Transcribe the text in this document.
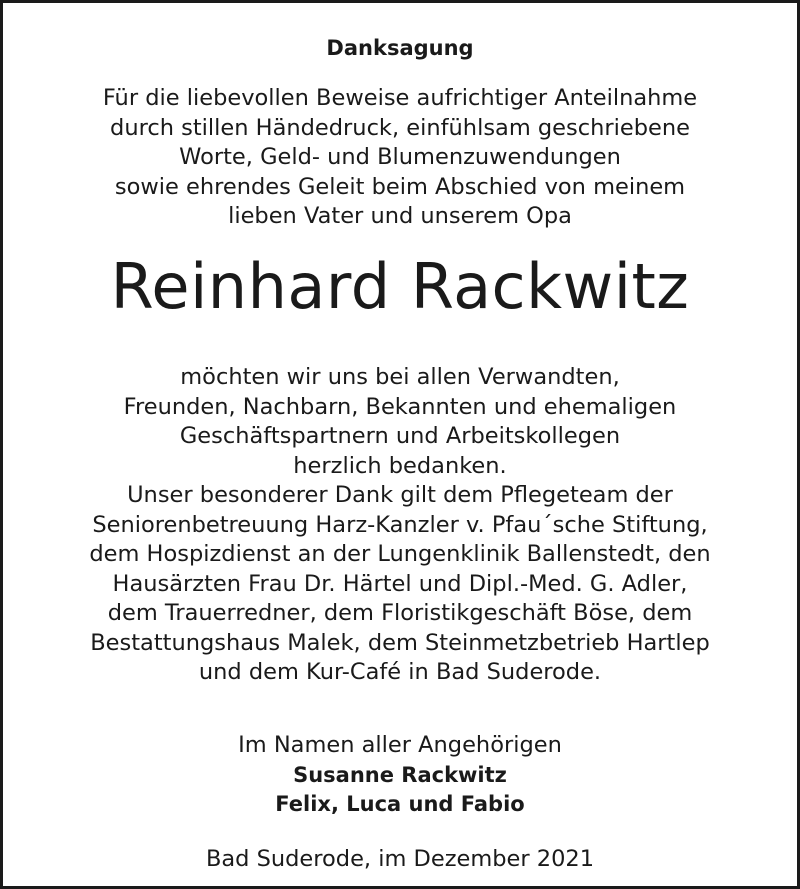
Danksagung
Für die liebevollen Beweise aufrichtiger Anteilnahme
durch stillen Händedruck, einfühlsam geschriebene
Worte, Geld- und Blumenzuwendungen
sowie ehrendes Geleit beim Abschied von meinem
lieben Vater und unserem Opa
Reinhard Rackwitz
möchten wir uns bei allen Verwandten,
Freunden, Nachbarn, Bekannten und ehemaligen
Geschäftspartnern und Arbeitskollegen
herzlich bedanken.
Unser besonderer Dank gilt dem Pflegeteam der
Seniorenbetreuung Harz-Kanzler v. Pfau´sche Stiftung,
dem Hospizdienst an der Lungenklinik Ballenstedt, den
Hausärzten Frau Dr. Härtel und Dipl.-Med. G. Adler,
dem Trauerredner, dem Floristikgeschäft Böse, dem
Bestattungshaus Malek, dem Steinmetzbetrieb Hartlep
und dem Kur-Café in Bad Suderode.
Im Namen aller Angehörigen
Susanne Rackwitz
Felix, Luca und Fabio
Bad Suderode, im Dezember 2021
